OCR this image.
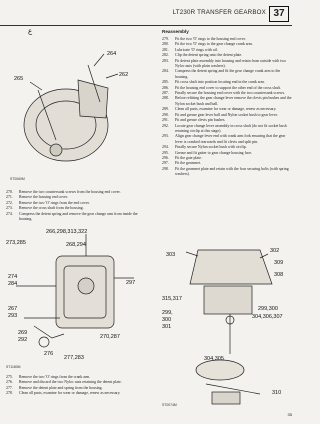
LT230R TRANSFER GEARBOX 37
ع
264
262
265
ST0060M
270. Remove the two countersunk screws from the housing end cover.
271. Remove the housing end cover.
272. Remove the two 'O' rings from the end cover.
273. Remove the cross shaft from the housing.
274. Compress the detent spring and remove the gear change arm from inside the housing.
266,298,313,322
273,285	268,294
274
284	297
267
293
269
292	270,287
276
277,283
ST1180M
275. Remove the two 'O' rings from the crank arm.
276. Remove and discard the two Nyloc nuts retaining the detent plate.
277. Remove the detent plate and spring from the housing.
278. Clean all parts, examine for wear or damage, renew as necessary.
Reassembly
279. Fit the two 'O' rings to the housing end cover.
280. Fit the two 'O' rings to the gear change crank arm.
281. Lubricate 'O' rings with oil.
282. Clip the detent spring onto the detent plate.
283. Fit detent plate assembly into housing and retain from outside with two Nyloc nuts (with plain washers).
284. Compress the detent spring and fit the gear change crank arm to the housing.
285. Fit cross shaft into position locating end in the crank arm.
286. Fit the housing end cover to support the other end of the cross shaft.
287. Finally secure the housing end cover with the two countersunk screws.
288. Before refitting the gear change lever remove the clevis pin bushes and the Nylon socket bush and ball.
289. Clean all parts, examine for wear or damage, renew as necessary.
290. Fit and grease gear lever ball and Nylon socket bush to gear lever.
291. Fit and grease clevis pin bushes.
292. Locate gear change lever assembly in cross shaft (do not fit socket bush retaining circlip at this stage).
293. Align gear change lever end with crank arm fork ensuring that the gear lever is cranked rearwards and fit clevis and split pin.
294. Finally secure Nylon socket bush with circlip.
295. Grease and fit gaiter to gear change housing face.
296. Fit the gate plate.
297. Fit the grommet.
298. Fit the grommet plate and retain with the four securing bolts (with spring washers).
303
302
309
308
315,317
299,300
304,306,307
299,
300
301
304,305
310
ST0074M
35
